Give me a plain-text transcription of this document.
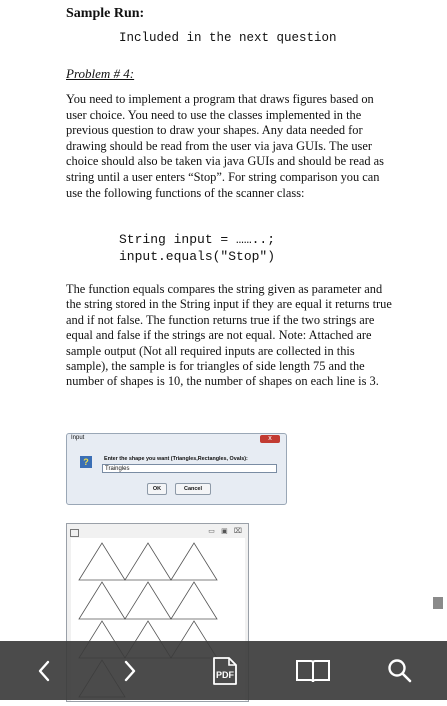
Sample Run:
Included in the next question
Problem # 4:

You need to implement a program that draws figures based on user choice. You need to use the classes implemented in the previous question to draw your shapes. Any data needed for drawing should be read from the user via java GUIs. The user choice should also be taken via java GUIs and should be read as string until a user enters “Stop”. For string comparison you can use the following functions of the scanner class:

String input = ……..;
input.equals("Stop")

The function equals compares the string given as parameter and the string stored in the String input if they are equal it returns true and if not false. The function returns true if the two strings are equal and false if the strings are not equal. Note: Attached are sample output (Not all required inputs are collected in this sample), the sample is for triangles of side length 75 and the number of shapes is 10, the number of shapes on each line is 3.

Input	x
?	Enter the shape you want (Triangles,Rectangles, Ovals):
Traingles
OK	Cancel
▭ ▣ ⌧
PDF
